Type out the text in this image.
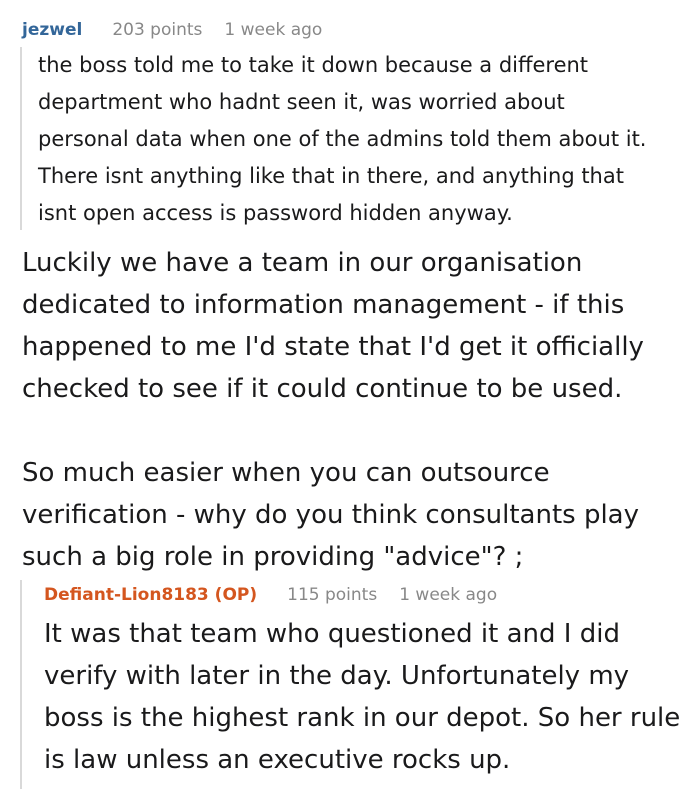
jezwel 203 points 1 week ago
the boss told me to take it down because a different
department who hadnt seen it, was worried about
personal data when one of the admins told them about it.
There isnt anything like that in there, and anything that
isnt open access is password hidden anyway.
Luckily we have a team in our organisation
dedicated to information management - if this
happened to me I'd state that I'd get it officially
checked to see if it could continue to be used.
So much easier when you can outsource
verification - why do you think consultants play
such a big role in providing "advice"? ;
Defiant-Lion8183 (OP) 115 points 1 week ago
It was that team who questioned it and I did
verify with later in the day. Unfortunately my
boss is the highest rank in our depot. So her rule
is law unless an executive rocks up.
